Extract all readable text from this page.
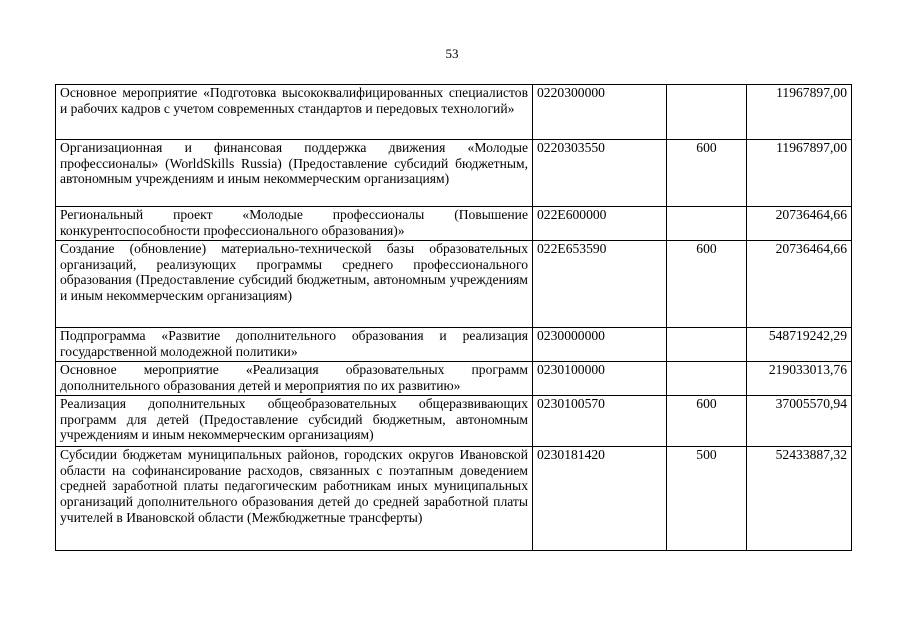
53
Основное мероприятие «Подготовка высококвалифицированных специалистов и рабочих кадров с учетом современных стандартов и передовых технологий»	0220300000		11967897,00
Организационная и финансовая поддержка движения «Молодые профессионалы» (WorldSkills Russia) (Предоставление субсидий бюджетным, автономным учреждениям и иным некоммерческим организациям)	0220303550	600	11967897,00
Региональный проект «Молодые профессионалы (Повышение конкурентоспособности профессионального образования)»	022E600000		20736464,66
Создание (обновление) материально-технической базы образовательных организаций, реализующих программы среднего профессионального образования (Предоставление субсидий бюджетным, автономным учреждениям и иным некоммерческим организациям)	022E653590	600	20736464,66
Подпрограмма «Развитие дополнительного образования и реализация государственной молодежной политики»	0230000000		548719242,29
Основное мероприятие «Реализация образовательных программ дополнительного образования детей и мероприятия по их развитию»	0230100000		219033013,76
Реализация дополнительных общеобразовательных общеразвивающих программ для детей (Предоставление субсидий бюджетным, автономным учреждениям и иным некоммерческим организациям)	0230100570	600	37005570,94
Субсидии бюджетам муниципальных районов, городских округов Ивановской области на софинансирование расходов, связанных с поэтапным доведением средней заработной платы педагогическим работникам иных муниципальных организаций дополнительного образования детей до средней заработной платы учителей в Ивановской области (Межбюджетные трансферты)	0230181420	500	52433887,32
